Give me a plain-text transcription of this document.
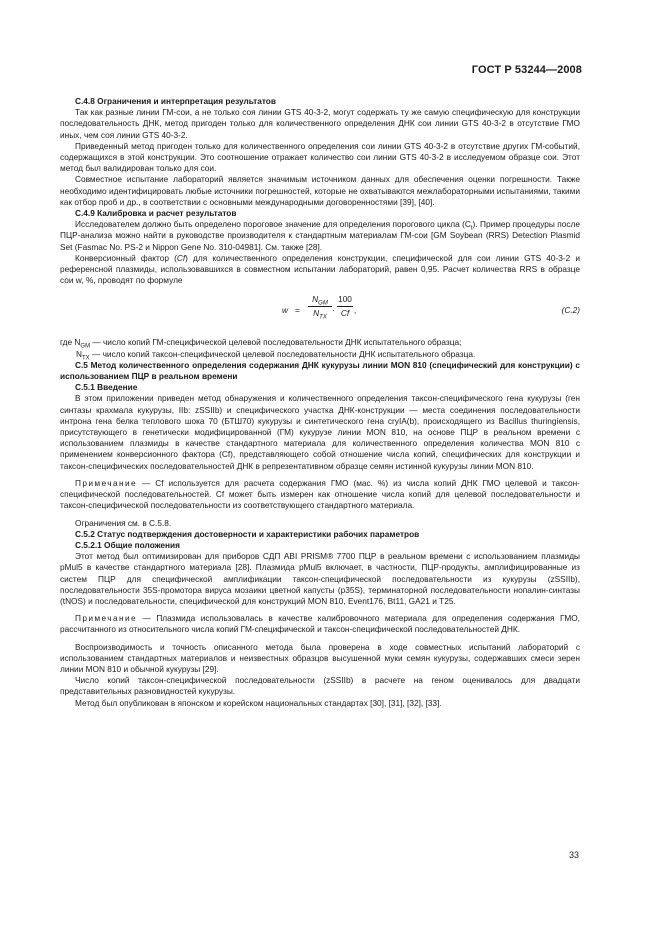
ГОСТ Р 53244—2008

С.4.8 Ограничения и интерпретация результатов

Так как разные линии ГМ-сои, а не только соя линии GTS 40-3-2, могут содержать ту же самую специфическую для конструкции последовательность ДНК, метод пригоден только для количественного определения ДНК сои линии GTS 40-3-2 в отсутствие ГМО иных, чем соя линии GTS 40-3-2.

Приведенный метод пригоден только для количественного определения сои линии GTS 40-3-2 в отсутствие других ГМ-событий, содержащихся в этой конструкции. Это соотношение отражает количество сои линии GTS 40-3-2 в исследуемом образце сои. Этот метод был валидирован только для сои.

Совместное испытание лабораторий является значимым источником данных для обеспечения оценки погрешности. Также необходимо идентифицировать любые источники погрешностей, которые не охватываются межлабораторными испытаниями, такими как отбор проб и др., в соответствии с основными международными договоренностями [39], [40].

С.4.9 Калибровка и расчет результатов

Исследователем должно быть определено пороговое значение для определения порогового цикла $(C_t)$. Пример процедуры после ПЦР-анализа можно найти в руководстве производителя к стандартным материалам ГМ-сои [GM Soybean (RRS) Detection Plasmid Set (Fasmac No. PS-2 и Nippon Gene No. 310-04981]. См. также [28].

Конверсионный фактор (Cf) для количественного определения конструкции, специфической для сои линии GTS 40-3-2 и референсной плазмиды, использовавшихся в совместном испытании лабораторий, равен 0,95. Расчет количества RRS в образце сои w, %, проводят по формуле

w =
$N_{GM}$
$N_{TX}$
· $\frac{100}{Cf}$ ,	(С.2)

где $N_{GM}$ — число копий ГМ-специфической целевой последовательности ДНК испытательного образца;

$N_{TX}$ — число копий таксон-специфической целевой последовательности ДНК испытательного образца.

С.5 Метод количественного определения содержания ДНК кукурузы линии MON 810 (специфический для конструкции) с использованием ПЦР в реальном времени

С.5.1 Введение

В этом приложении приведен метод обнаружения и количественного определения таксон-специфического гена кукурузы (ген синтазы крахмала кукурузы, IIb: zSSIIb) и специфического участка ДНК-конструкции — места соединения последовательности интрона гена белка теплового шока 70 (БТШ70) кукурузы и синтетического гена cryIA(b), происходящего из Bacillus thuringiensis, присутствующего в генетически модифицированной (ГМ) кукурузе линии MON 810, на основе ПЦР в реальном времени с использованием плазмиды в качестве стандартного материала для количественного определения количества MON 810 с применением конверсионного фактора (Cf), представляющего собой отношение числа копий, специфических для конструкции и таксон-специфических последовательностей ДНК в репрезентативном образце семян истинной кукурузы линии MON 810.

Примечание — Cf используется для расчета содержания ГМО (мас. %) из числа копий ДНК ГМО целевой и таксон-специфической последовательностей. Cf может быть измерен как отношение числа копий для целевой последовательности и таксон-специфической последовательности из соответствующего стандартного материала.

Ограничения см. в С.5.8.

С.5.2 Статус подтверждения достоверности и характеристики рабочих параметров

С.5.2.1 Общие положения

Этот метод был оптимизирован для приборов СДП ABI PRISM® 7700 ПЦР в реальном времени с использованием плазмиды pMul5 в качестве стандартного материала [28]. Плазмида pMul5 включает, в частности, ПЦР-продукты, амплифицированные из систем ПЦР для специфической амплификации таксон-специфической последовательности из кукурузы (zSSIIb), последовательности 35S-промотора вируса мозаики цветной капусты (p35S), терминаторной последовательности нопалин-синтазы (tNOS) и последовательности, специфической для конструкций MON 810, Event176, Bt11, GA21 и T25.

Примечание — Плазмида использовалась в качестве калибровочного материала для определения содержания ГМО, рассчитанного из относительного числа копий ГМ-специфической и таксон-специфической последовательностей ДНК.

Воспроизводимость и точность описанного метода была проверена в ходе совместных испытаний лабораторий с использованием стандартных материалов и неизвестных образцов высушенной муки семян кукурузы, содержавших смеси зерен линии MON 810 и обычной кукурузы [29].

Число копий таксон-специфической последовательности (zSSIIb) в расчете на геном оценивалось для двадцати представительных разновидностей кукурузы.

Метод был опубликован в японском и корейском национальных стандартах [30], [31], [32], [33].

33
